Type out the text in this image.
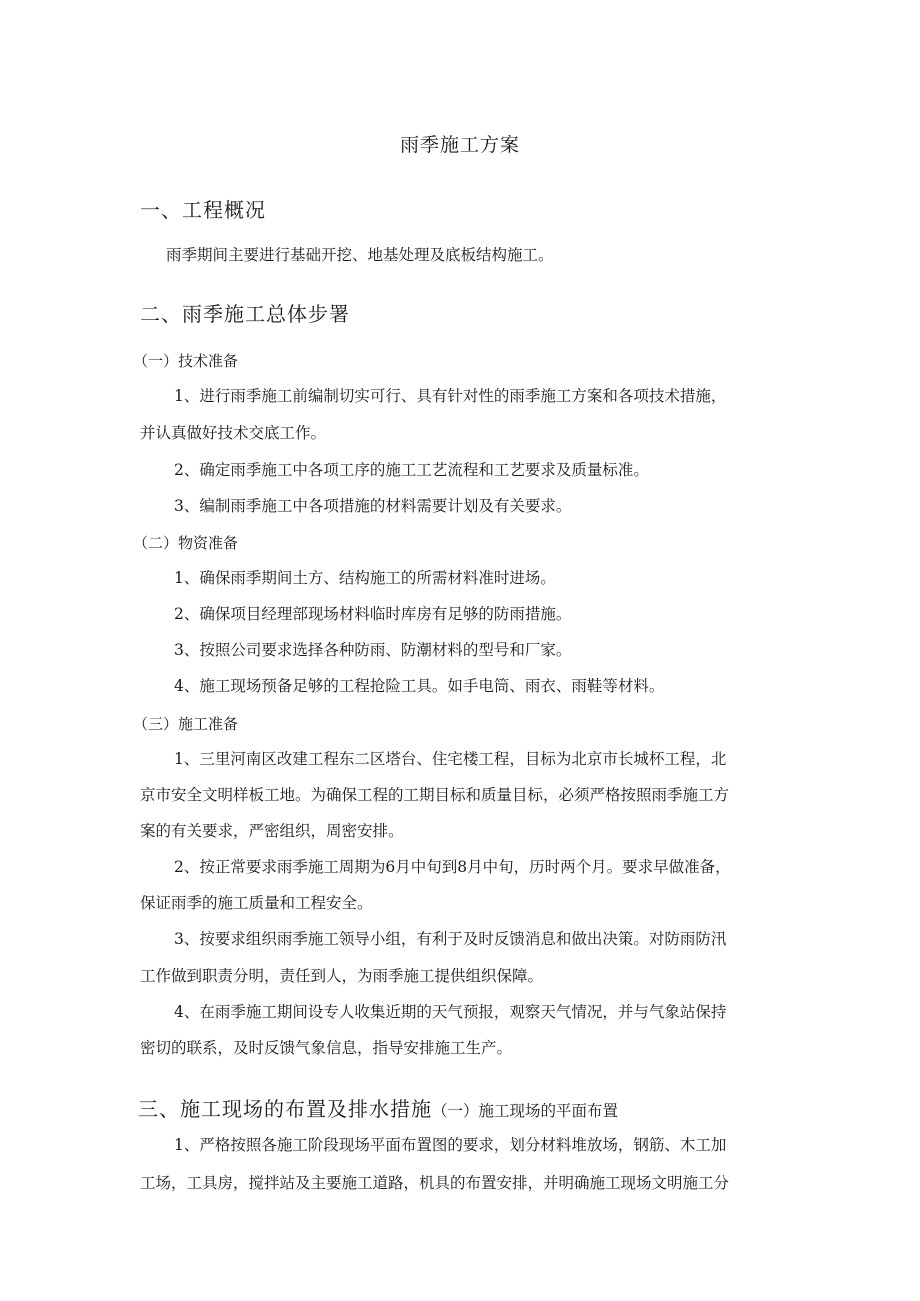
雨季施工方案
一、工程概况
雨季期间主要进行基础开挖、地基处理及底板结构施工。
二、雨季施工总体步署
（一）技术准备
1、进行雨季施工前编制切实可行、具有针对性的雨季施工方案和各项技术措施，
并认真做好技术交底工作。
2、确定雨季施工中各项工序的施工工艺流程和工艺要求及质量标准。
3、编制雨季施工中各项措施的材料需要计划及有关要求。
（二）物资准备
1、确保雨季期间土方、结构施工的所需材料准时进场。
2、确保项目经理部现场材料临时库房有足够的防雨措施。
3、按照公司要求选择各种防雨、防潮材料的型号和厂家。
4、施工现场预备足够的工程抢险工具。如手电筒、雨衣、雨鞋等材料。
（三）施工准备
1、三里河南区改建工程东二区塔台、住宅楼工程，目标为北京市长城杯工程，北
京市安全文明样板工地。为确保工程的工期目标和质量目标，必须严格按照雨季施工方
案的有关要求，严密组织，周密安排。
2、按正常要求雨季施工周期为6月中旬到8月中旬，历时两个月。要求早做准备，
保证雨季的施工质量和工程安全。
3、按要求组织雨季施工领导小组，有利于及时反馈消息和做出决策。对防雨防汛
工作做到职责分明，责任到人，为雨季施工提供组织保障。
4、在雨季施工期间设专人收集近期的天气预报，观察天气情况，并与气象站保持
密切的联系，及时反馈气象信息，指导安排施工生产。
三、施工现场的布置及排水措施（一）施工现场的平面布置
1、严格按照各施工阶段现场平面布置图的要求，划分材料堆放场，钢筋、木工加
工场，工具房，搅拌站及主要施工道路，机具的布置安排，并明确施工现场文明施工分
